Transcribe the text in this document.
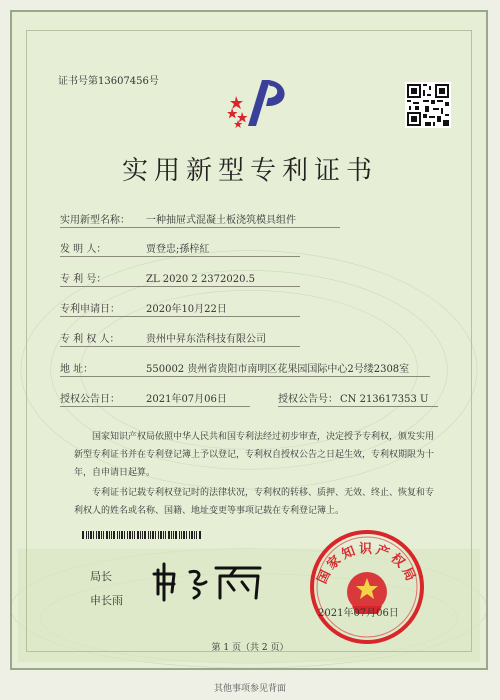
证书号第13607456号
实用新型专利证书
实用新型名称： 一种抽屉式混凝土板浇筑模具组件
发 明 人：	贾登忠;孫梓紅
专 利 号：	ZL 2020 2 2372020.5
专利申请日：	2020年10月22日
专 利 权 人：	贵州中昇东浩科技有限公司
地 址：	550002 贵州省贵阳市南明区花果园国际中心2号缕2308室
授权公告日：	2021年07月06日	授权公告号： CN 213617353 U
国家知识产权局依照中华人民共和国专利法经过初步审查，决定授予专利权，颁发实用
新型专利证书并在专利登记簿上予以登记，专利权自授权公告之日起生效，专利权期限为十
年，自申请日起算。
专利证书记载专利权登记时的法律状况，专利权的转移、质押、无效、终止、恢复和专
利权人的姓名或名称、国籍、地址变更等事项记载在专利登记簿上。
局长
申长雨
国家知识产权局
2021年07月06日
第 1 页（共 2 页）
其他事项参见背面
